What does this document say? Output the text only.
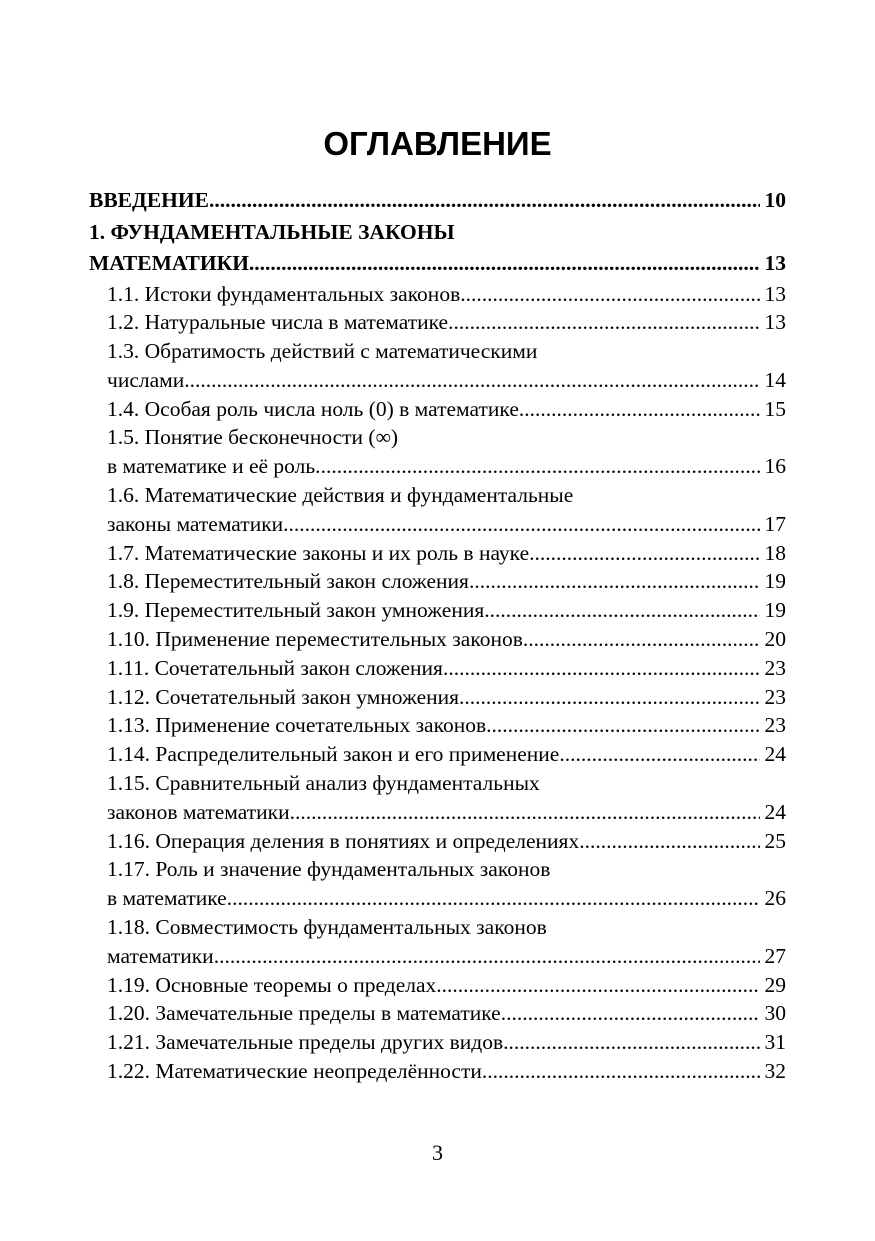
ОГЛАВЛЕНИЕ
ВВЕДЕНИЕ .....	10
1. ФУНДАМЕНТАЛЬНЫЕ ЗАКОНЫ
МАТЕМАТИКИ .....	13
1.1. Истоки фундаментальных законов .....	13
1.2. Натуральные числа в математике .....	13
1.3. Обратимость действий с математическими
числами .....	14
1.4. Особая роль числа ноль (0) в математике .....	15
1.5. Понятие бесконечности (∞)
в математике и её роль. .....	16
1.6. Математические действия и фундаментальные
законы математики .....	17
1.7. Математические законы и их роль в науке .....	18
1.8. Переместительный закон сложения .....	19
1.9. Переместительный закон умножения .....	19
1.10. Применение переместительных законов .....	20
1.11. Сочетательный закон сложения .....	23
1.12. Сочетательный закон умножения .....	23
1.13. Применение сочетательных законов .....	23
1.14. Распределительный закон и его применение .....	24
1.15. Сравнительный анализ фундаментальных
законов математики .....	24
1.16. Операция деления в понятиях и определениях .....	25
1.17. Роль и значение фундаментальных законов
в математике .....	26
1.18. Совместимость фундаментальных законов
математики .....	27
1.19. Основные теоремы о пределах .....	29
1.20. Замечательные пределы в математике .....	30
1.21. Замечательные пределы других видов .....	31
1.22. Математические неопределённости .....	32
3
